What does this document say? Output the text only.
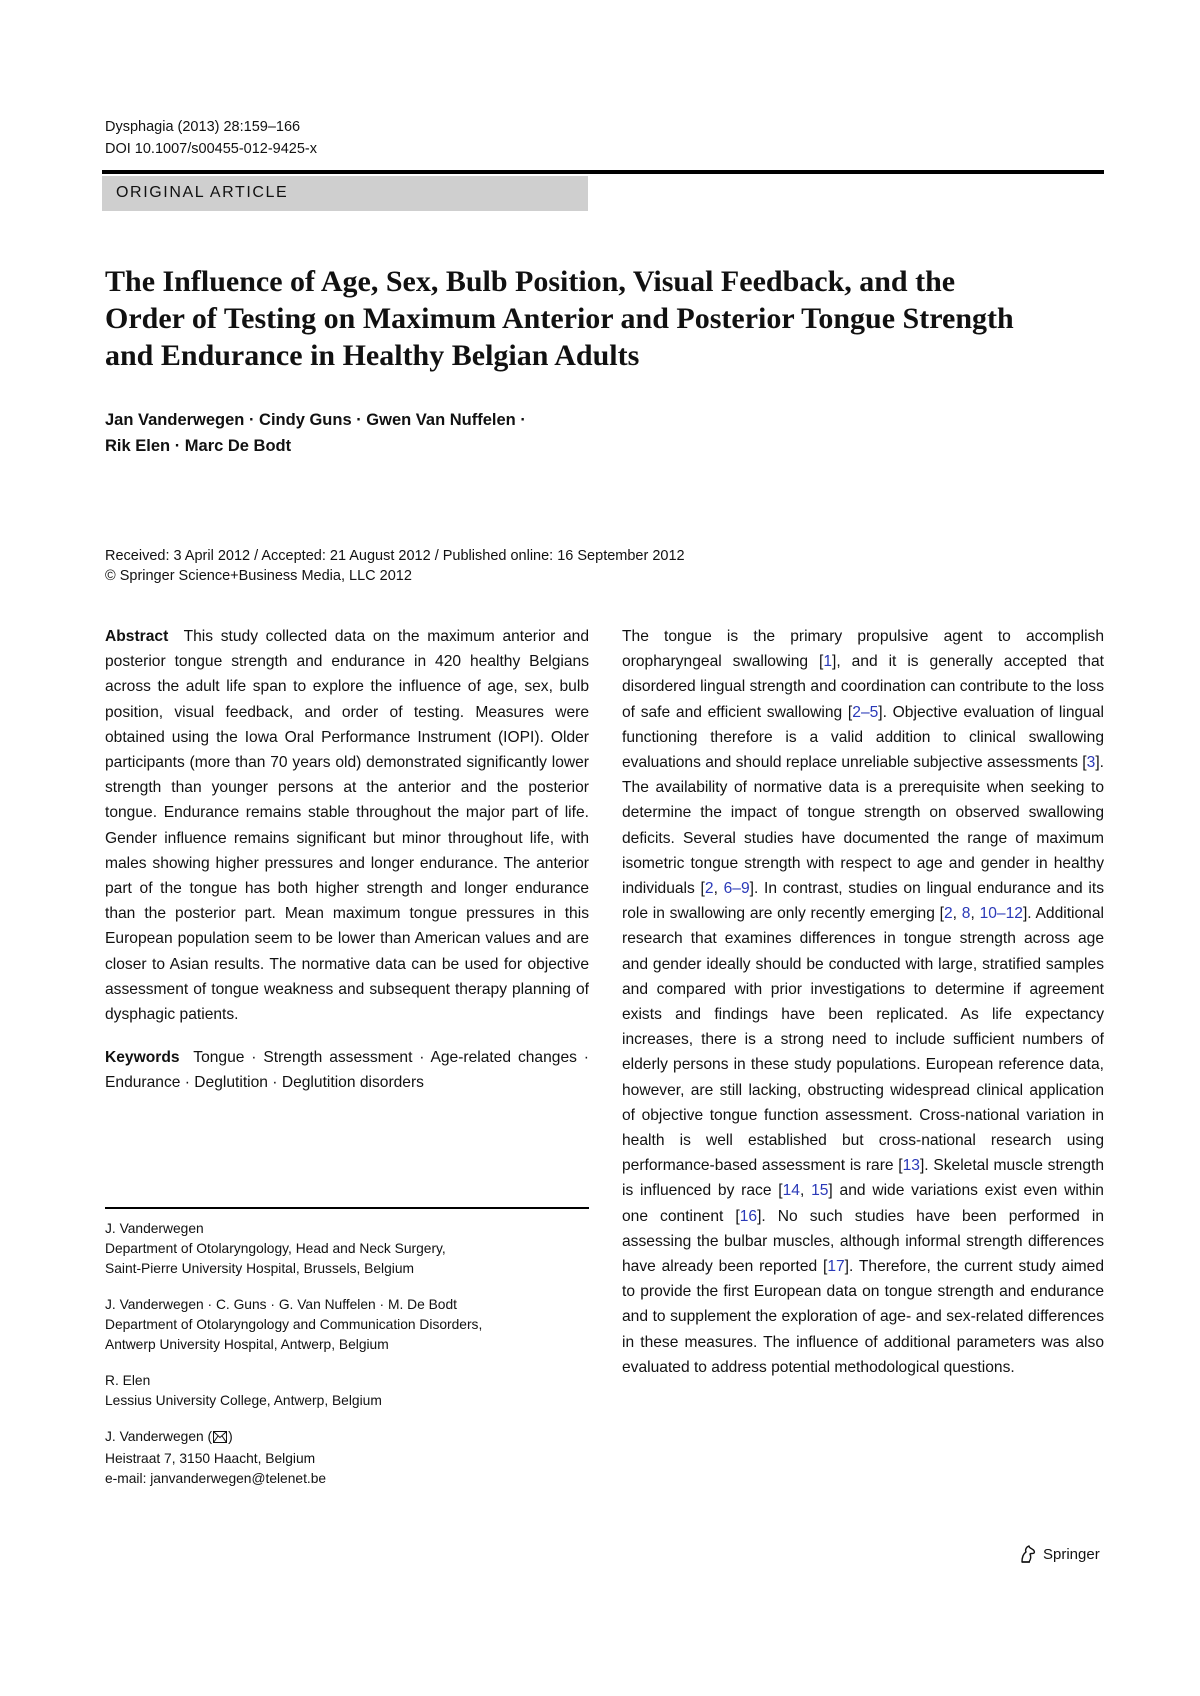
Dysphagia (2013) 28:159–166
DOI 10.1007/s00455-012-9425-x
ORIGINAL ARTICLE
The Influence of Age, Sex, Bulb Position, Visual Feedback, and the Order of Testing on Maximum Anterior and Posterior Tongue Strength and Endurance in Healthy Belgian Adults
Jan Vanderwegen · Cindy Guns · Gwen Van Nuffelen ·
Rik Elen · Marc De Bodt
Received: 3 April 2012 / Accepted: 21 August 2012 / Published online: 16 September 2012
© Springer Science+Business Media, LLC 2012

Abstract This study collected data on the maximum anterior and posterior tongue strength and endurance in 420 healthy Belgians across the adult life span to explore the influence of age, sex, bulb position, visual feedback, and order of testing. Measures were obtained using the Iowa Oral Performance Instrument (IOPI). Older participants (more than 70 years old) demonstrated significantly lower strength than younger persons at the anterior and the posterior tongue. Endurance remains stable throughout the major part of life. Gender influence remains significant but minor throughout life, with males showing higher pressures and longer endurance. The anterior part of the tongue has both higher strength and longer endurance than the posterior part. Mean maximum tongue pressures in this European population seem to be lower than American values and are closer to Asian results. The normative data can be used for objective assessment of tongue weakness and subsequent therapy planning of dysphagic patients.

Keywords Tongue · Strength assessment · Age-related changes · Endurance · Deglutition · Deglutition disorders

J. Vanderwegen
Department of Otolaryngology, Head and Neck Surgery,
Saint-Pierre University Hospital, Brussels, Belgium
J. Vanderwegen · C. Guns · G. Van Nuffelen · M. De Bodt
Department of Otolaryngology and Communication Disorders,
Antwerp University Hospital, Antwerp, Belgium
R. Elen
Lessius University College, Antwerp, Belgium
J. Vanderwegen ( )
Heistraat 7, 3150 Haacht, Belgium
e-mail: janvanderwegen@telenet.be

The tongue is the primary propulsive agent to accomplish oropharyngeal swallowing [1], and it is generally accepted that disordered lingual strength and coordination can contribute to the loss of safe and efficient swallowing [2–5]. Objective evaluation of lingual functioning therefore is a valid addition to clinical swallowing evaluations and should replace unreliable subjective assessments [3]. The availability of normative data is a prerequisite when seeking to determine the impact of tongue strength on observed swallowing deficits. Several studies have documented the range of maximum isometric tongue strength with respect to age and gender in healthy individuals [2, 6–9]. In contrast, studies on lingual endurance and its role in swallowing are only recently emerging [2, 8, 10–12]. Additional research that examines differences in tongue strength across age and gender ideally should be conducted with large, stratified samples and compared with prior investigations to determine if agreement exists and findings have been replicated. As life expectancy increases, there is a strong need to include sufficient numbers of elderly persons in these study populations. European reference data, however, are still lacking, obstructing widespread clinical application of objective tongue function assessment. Cross-national variation in health is well established but cross-national research using performance-based assessment is rare [13]. Skeletal muscle strength is influenced by race [14, 15] and wide variations exist even within one continent [16]. No such studies have been performed in assessing the bulbar muscles, although informal strength differences have already been reported [17]. Therefore, the current study aimed to provide the first European data on tongue strength and endurance and to supplement the exploration of age- and sex-related differences in these measures. The influence of additional parameters was also evaluated to address potential methodological questions.

Springer
